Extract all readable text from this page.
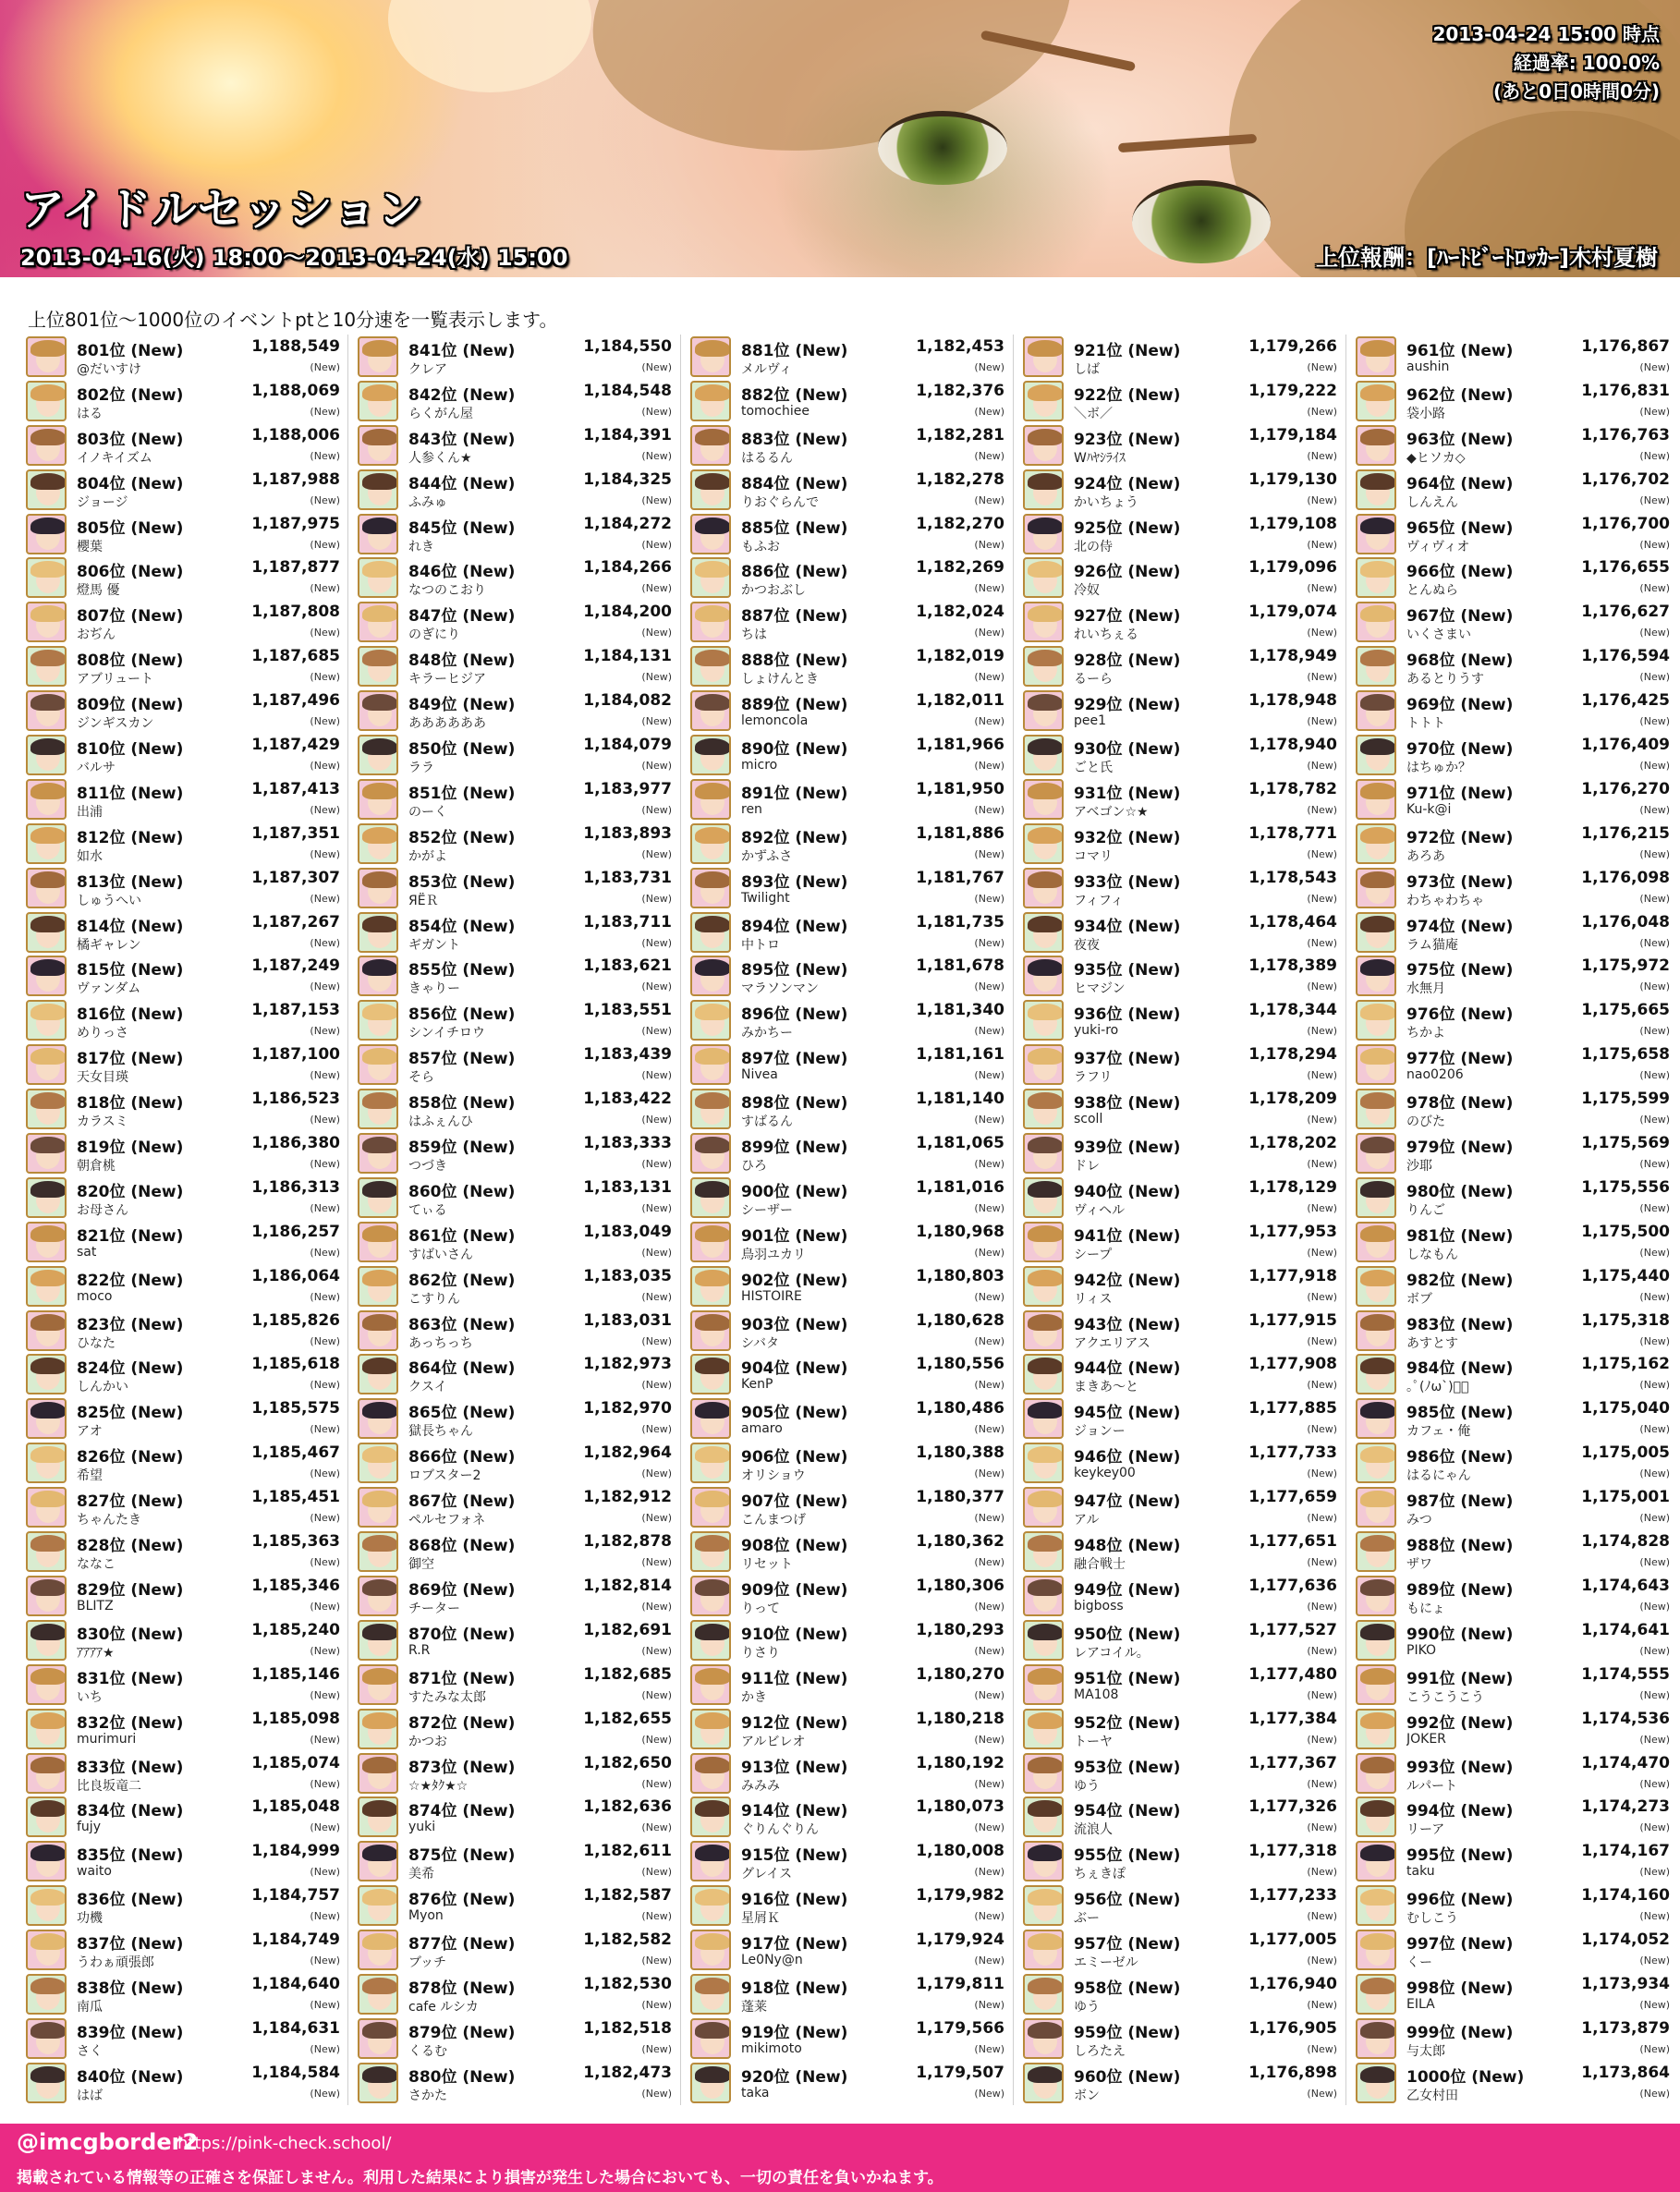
2013-04-24 15:00 時点
経過率: 100.0%
(あと0日0時間0分)
アイドルセッション
2013-04-16(火) 18:00〜2013-04-24(水) 15:00	上位報酬：[ﾊｰﾄﾋﾞｰﾄﾛｯｶｰ]木村夏樹
上位801位〜1000位のイベントptと10分速を一覧表示します。
801位 (New)	1,188,549
@だいすけ	(New)
802位 (New)	1,188,069
はる	(New)
803位 (New)	1,188,006
イノキイズム	(New)
804位 (New)	1,187,988
ジョージ	(New)
805位 (New)	1,187,975
櫻葉	(New)
806位 (New)	1,187,877
燈馬 優	(New)
807位 (New)	1,187,808
おぢん	(New)
808位 (New)	1,187,685
アブリュート	(New)
809位 (New)	1,187,496
ジンギスカン	(New)
810位 (New)	1,187,429
バルサ	(New)
811位 (New)	1,187,413
出浦	(New)
812位 (New)	1,187,351
如水	(New)
813位 (New)	1,187,307
しゅうへい	(New)
814位 (New)	1,187,267
橘ギャレン	(New)
815位 (New)	1,187,249
ヴァンダム	(New)
816位 (New)	1,187,153
めりっさ	(New)
817位 (New)	1,187,100
天女目瑛	(New)
818位 (New)	1,186,523
カラスミ	(New)
819位 (New)	1,186,380
朝倉桃	(New)
820位 (New)	1,186,313
お母さん	(New)
821位 (New)	1,186,257
sat	(New)
822位 (New)	1,186,064
moco	(New)
823位 (New)	1,185,826
ひなた	(New)
824位 (New)	1,185,618
しんかい	(New)
825位 (New)	1,185,575
アオ	(New)
826位 (New)	1,185,467
希望	(New)
827位 (New)	1,185,451
ちゃんたき	(New)
828位 (New)	1,185,363
ななこ	(New)
829位 (New)	1,185,346
BLITZ	(New)
830位 (New)	1,185,240
ｱｱｱｱ★	(New)
831位 (New)	1,185,146
いち	(New)
832位 (New)	1,185,098
murimuri	(New)
833位 (New)	1,185,074
比良坂竜二	(New)
834位 (New)	1,185,048
fujy	(New)
835位 (New)	1,184,999
waito	(New)
836位 (New)	1,184,757
功機	(New)
837位 (New)	1,184,749
うわぁ頑張郎	(New)
838位 (New)	1,184,640
南瓜	(New)
839位 (New)	1,184,631
さく	(New)
840位 (New)	1,184,584
はば	(New)
841位 (New)	1,184,550
クレア	(New)
842位 (New)	1,184,548
らくがん屋	(New)
843位 (New)	1,184,391
人参くん★	(New)
844位 (New)	1,184,325
ふみゅ	(New)
845位 (New)	1,184,272
れき	(New)
846位 (New)	1,184,266
なつのこおり	(New)
847位 (New)	1,184,200
のぎにり	(New)
848位 (New)	1,184,131
キラーヒジア	(New)
849位 (New)	1,184,082
ああああああ	(New)
850位 (New)	1,184,079
ララ	(New)
851位 (New)	1,183,977
のーく	(New)
852位 (New)	1,183,893
かがよ	(New)
853位 (New)	1,183,731
ЯËＲ	(New)
854位 (New)	1,183,711
ギガント	(New)
855位 (New)	1,183,621
きゃりー	(New)
856位 (New)	1,183,551
シンイチロウ	(New)
857位 (New)	1,183,439
そら	(New)
858位 (New)	1,183,422
はふぇんひ	(New)
859位 (New)	1,183,333
つづき	(New)
860位 (New)	1,183,131
てぃる	(New)
861位 (New)	1,183,049
すばいさん	(New)
862位 (New)	1,183,035
こすりん	(New)
863位 (New)	1,183,031
あっちっち	(New)
864位 (New)	1,182,973
クスイ	(New)
865位 (New)	1,182,970
獄長ちゃん	(New)
866位 (New)	1,182,964
ロブスター2	(New)
867位 (New)	1,182,912
ペルセフォネ	(New)
868位 (New)	1,182,878
御空	(New)
869位 (New)	1,182,814
チーター	(New)
870位 (New)	1,182,691
R.R	(New)
871位 (New)	1,182,685
すたみな太郎	(New)
872位 (New)	1,182,655
かつお	(New)
873位 (New)	1,182,650
☆★ﾀｸ★☆	(New)
874位 (New)	1,182,636
yuki	(New)
875位 (New)	1,182,611
美希	(New)
876位 (New)	1,182,587
Myon	(New)
877位 (New)	1,182,582
ブッチ	(New)
878位 (New)	1,182,530
cafe ルシカ	(New)
879位 (New)	1,182,518
くるむ	(New)
880位 (New)	1,182,473
さかた	(New)
881位 (New)	1,182,453
メルヴィ	(New)
882位 (New)	1,182,376
tomochiee	(New)
883位 (New)	1,182,281
はるるん	(New)
884位 (New)	1,182,278
りおぐらんで	(New)
885位 (New)	1,182,270
もふお	(New)
886位 (New)	1,182,269
かつおぶし	(New)
887位 (New)	1,182,024
ちは	(New)
888位 (New)	1,182,019
しょけんとき	(New)
889位 (New)	1,182,011
lemoncola	(New)
890位 (New)	1,181,966
micro	(New)
891位 (New)	1,181,950
ren	(New)
892位 (New)	1,181,886
かずふさ	(New)
893位 (New)	1,181,767
Twilight	(New)
894位 (New)	1,181,735
中トロ	(New)
895位 (New)	1,181,678
マラソンマン	(New)
896位 (New)	1,181,340
みかちー	(New)
897位 (New)	1,181,161
Nivea	(New)
898位 (New)	1,181,140
すばるん	(New)
899位 (New)	1,181,065
ひろ	(New)
900位 (New)	1,181,016
シーザー	(New)
901位 (New)	1,180,968
鳥羽ユカリ	(New)
902位 (New)	1,180,803
HISTOIRE	(New)
903位 (New)	1,180,628
シバタ	(New)
904位 (New)	1,180,556
KenP	(New)
905位 (New)	1,180,486
amaro	(New)
906位 (New)	1,180,388
オリショウ	(New)
907位 (New)	1,180,377
こんまつげ	(New)
908位 (New)	1,180,362
リセット	(New)
909位 (New)	1,180,306
りって	(New)
910位 (New)	1,180,293
りさり	(New)
911位 (New)	1,180,270
かき	(New)
912位 (New)	1,180,218
アルビレオ	(New)
913位 (New)	1,180,192
みみみ	(New)
914位 (New)	1,180,073
ぐりんぐりん	(New)
915位 (New)	1,180,008
グレイス	(New)
916位 (New)	1,179,982
星屑Ｋ	(New)
917位 (New)	1,179,924
Le0Ny@n	(New)
918位 (New)	1,179,811
蓬莱	(New)
919位 (New)	1,179,566
mikimoto	(New)
920位 (New)	1,179,507
taka	(New)
921位 (New)	1,179,266
しば	(New)
922位 (New)	1,179,222
＼ボ／	(New)
923位 (New)	1,179,184
Wﾊﾔｼﾗｲｽ	(New)
924位 (New)	1,179,130
かいちょう	(New)
925位 (New)	1,179,108
北の侍	(New)
926位 (New)	1,179,096
冷奴	(New)
927位 (New)	1,179,074
れいちぇる	(New)
928位 (New)	1,178,949
るーら	(New)
929位 (New)	1,178,948
pee1	(New)
930位 (New)	1,178,940
ごと氏	(New)
931位 (New)	1,178,782
アベゴン☆★	(New)
932位 (New)	1,178,771
コマリ	(New)
933位 (New)	1,178,543
フィフィ	(New)
934位 (New)	1,178,464
夜夜	(New)
935位 (New)	1,178,389
ヒマジン	(New)
936位 (New)	1,178,344
yuki-ro	(New)
937位 (New)	1,178,294
ラフリ	(New)
938位 (New)	1,178,209
scoll	(New)
939位 (New)	1,178,202
ドレ	(New)
940位 (New)	1,178,129
ヴィヘル	(New)
941位 (New)	1,177,953
シープ	(New)
942位 (New)	1,177,918
リィス	(New)
943位 (New)	1,177,915
アクエリアス	(New)
944位 (New)	1,177,908
まきあ〜と	(New)
945位 (New)	1,177,885
ジョンー	(New)
946位 (New)	1,177,733
keykey00	(New)
947位 (New)	1,177,659
アル	(New)
948位 (New)	1,177,651
融合戦士	(New)
949位 (New)	1,177,636
bigboss	(New)
950位 (New)	1,177,527
レアコイル。	(New)
951位 (New)	1,177,480
MA108	(New)
952位 (New)	1,177,384
トーヤ	(New)
953位 (New)	1,177,367
ゆう	(New)
954位 (New)	1,177,326
流浪人	(New)
955位 (New)	1,177,318
ちぇきぽ	(New)
956位 (New)	1,177,233
ぶー	(New)
957位 (New)	1,177,005
エミーゼル	(New)
958位 (New)	1,176,940
ゆう	(New)
959位 (New)	1,176,905
しろたえ	(New)
960位 (New)	1,176,898
ボン	(New)
961位 (New)	1,176,867
aushin	(New)
962位 (New)	1,176,831
袋小路	(New)
963位 (New)	1,176,763
◆ヒソカ◇	(New)
964位 (New)	1,176,702
しんえん	(New)
965位 (New)	1,176,700
ヴィヴィオ	(New)
966位 (New)	1,176,655
とんぬら	(New)
967位 (New)	1,176,627
いくさまい	(New)
968位 (New)	1,176,594
あるとりうす	(New)
969位 (New)	1,176,425
トトト	(New)
970位 (New)	1,176,409
はちゅか？	(New)
971位 (New)	1,176,270
Ku-k@i	(New)
972位 (New)	1,176,215
あろあ	(New)
973位 (New)	1,176,098
わちゃわちゃ	(New)
974位 (New)	1,176,048
ラム猫庵	(New)
975位 (New)	1,175,972
水無月	(New)
976位 (New)	1,175,665
ちかよ	(New)
977位 (New)	1,175,658
nao0206	(New)
978位 (New)	1,175,599
のびた	(New)
979位 (New)	1,175,569
沙耶	(New)
980位 (New)	1,175,556
りんご	(New)
981位 (New)	1,175,500
しなもん	(New)
982位 (New)	1,175,440
ボブ	(New)
983位 (New)	1,175,318
あすとす	(New)
984位 (New)	1,175,162
｡ﾟ(ﾉω`)ﾟ｡	(New)
985位 (New)	1,175,040
カフェ・俺	(New)
986位 (New)	1,175,005
はるにゃん	(New)
987位 (New)	1,175,001
みつ	(New)
988位 (New)	1,174,828
ザワ	(New)
989位 (New)	1,174,643
もにょ	(New)
990位 (New)	1,174,641
PIKO	(New)
991位 (New)	1,174,555
こうこうこう	(New)
992位 (New)	1,174,536
JOKER	(New)
993位 (New)	1,174,470
ルパート	(New)
994位 (New)	1,174,273
リーア	(New)
995位 (New)	1,174,167
taku	(New)
996位 (New)	1,174,160
むしこう	(New)
997位 (New)	1,174,052
くー	(New)
998位 (New)	1,173,934
EILA	(New)
999位 (New)	1,173,879
与太郎	(New)
1000位 (New)	1,173,864
乙女村田	(New)
@imcgborder2
https://pink-check.school/
掲載されている情報等の正確さを保証しません。利用した結果により損害が発生した場合においても、一切の責任を負いかねます。
